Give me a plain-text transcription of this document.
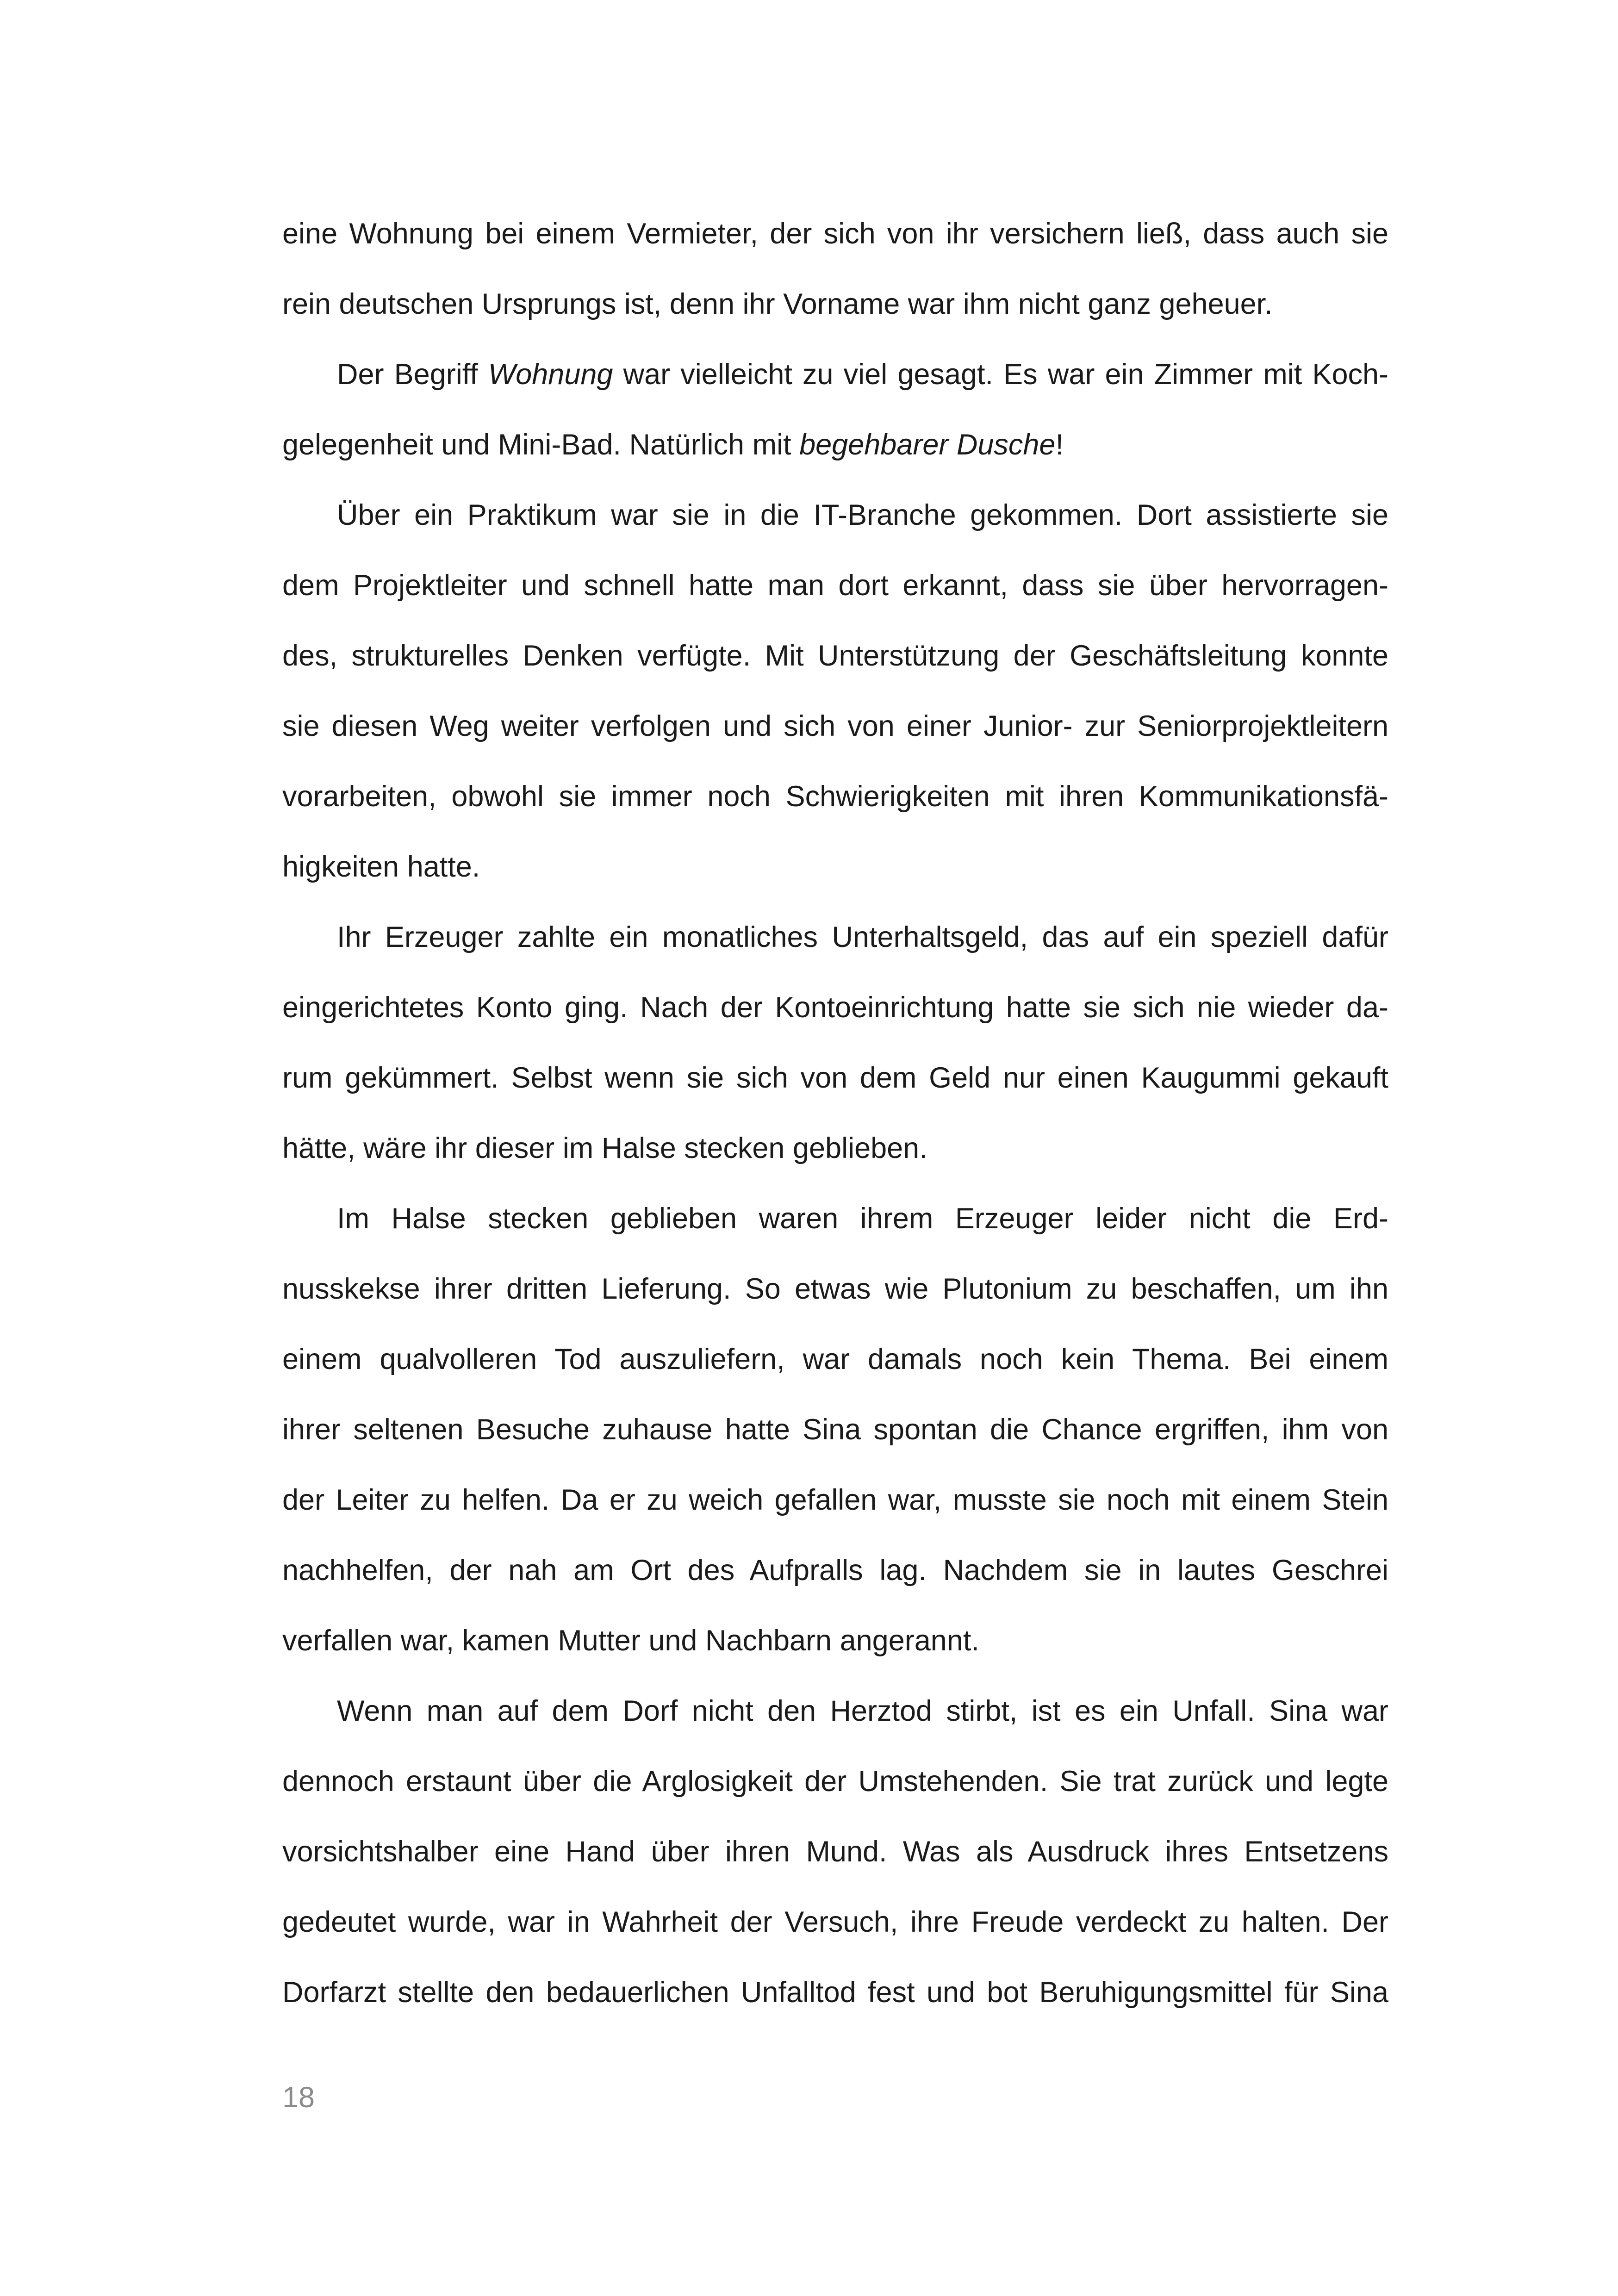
eine Wohnung bei einem Vermieter, der sich von ihr versichern ließ, dass auch sie
rein deutschen Ursprungs ist, denn ihr Vorname war ihm nicht ganz geheuer.
Der Begriff Wohnung war vielleicht zu viel gesagt. Es war ein Zimmer mit Koch-
gelegenheit und Mini-Bad. Natürlich mit begehbarer Dusche!
Über ein Praktikum war sie in die IT-Branche gekommen. Dort assistierte sie
dem Projektleiter und schnell hatte man dort erkannt, dass sie über hervorragen-
des, strukturelles Denken verfügte. Mit Unterstützung der Geschäftsleitung konnte
sie diesen Weg weiter verfolgen und sich von einer Junior- zur Seniorprojektleitern
vorarbeiten, obwohl sie immer noch Schwierigkeiten mit ihren Kommunikationsfä-
higkeiten hatte.
Ihr Erzeuger zahlte ein monatliches Unterhaltsgeld, das auf ein speziell dafür
eingerichtetes Konto ging. Nach der Kontoeinrichtung hatte sie sich nie wieder da-
rum gekümmert. Selbst wenn sie sich von dem Geld nur einen Kaugummi gekauft
hätte, wäre ihr dieser im Halse stecken geblieben.
Im Halse stecken geblieben waren ihrem Erzeuger leider nicht die Erd-
nusskekse ihrer dritten Lieferung. So etwas wie Plutonium zu beschaffen, um ihn
einem qualvolleren Tod auszuliefern, war damals noch kein Thema. Bei einem
ihrer seltenen Besuche zuhause hatte Sina spontan die Chance ergriffen, ihm von
der Leiter zu helfen. Da er zu weich gefallen war, musste sie noch mit einem Stein
nachhelfen, der nah am Ort des Aufpralls lag. Nachdem sie in lautes Geschrei
verfallen war, kamen Mutter und Nachbarn angerannt.
Wenn man auf dem Dorf nicht den Herztod stirbt, ist es ein Unfall. Sina war
dennoch erstaunt über die Arglosigkeit der Umstehenden. Sie trat zurück und legte
vorsichtshalber eine Hand über ihren Mund. Was als Ausdruck ihres Entsetzens
gedeutet wurde, war in Wahrheit der Versuch, ihre Freude verdeckt zu halten. Der
Dorfarzt stellte den bedauerlichen Unfalltod fest und bot Beruhigungsmittel für Sina
18
